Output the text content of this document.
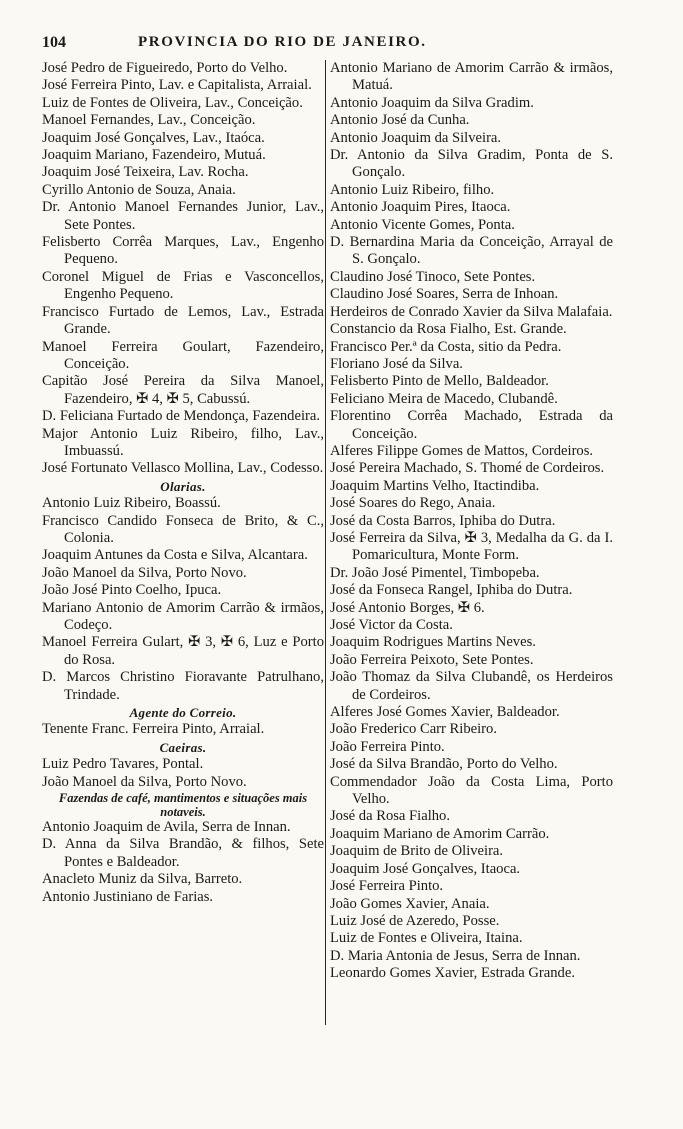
104	PROVINCIA DO RIO DE JANEIRO.
José Pedro de Figueiredo, Porto do Velho.
José Ferreira Pinto, Lav. e Capitalista, Arraial.
Luiz de Fontes de Oliveira, Lav., Conceição.
Manoel Fernandes, Lav., Conceição.
Joaquim José Gonçalves, Lav., Itaóca.
Joaquim Mariano, Fazendeiro, Mutuá.
Joaquim José Teixeira, Lav. Rocha.
Cyrillo Antonio de Souza, Anaia.
Dr. Antonio Manoel Fernandes Junior, Lav., Sete Pontes.
Felisberto Corrêa Marques, Lav., Engenho Pequeno.
Coronel Miguel de Frias e Vasconcellos, Engenho Pequeno.
Francisco Furtado de Lemos, Lav., Estrada Grande.
Manoel Ferreira Goulart, Fazendeiro, Conceição.
Capitão José Pereira da Silva Manoel, Fazendeiro, ✠ 4, ✠ 5, Cabussú.
D. Feliciana Furtado de Mendonça, Fazendeira.
Major Antonio Luiz Ribeiro, filho, Lav., Imbuassú.
José Fortunato Vellasco Mollina, Lav., Codesso.
Olarias.
Antonio Luiz Ribeiro, Boassú.
Francisco Candido Fonseca de Brito, & C., Colonia.
Joaquim Antunes da Costa e Silva, Alcantara.
João Manoel da Silva, Porto Novo.
João José Pinto Coelho, Ipuca.
Mariano Antonio de Amorim Carrão & irmãos, Codeço.
Manoel Ferreira Gulart, ✠ 3, ✠ 6, Luz e Porto do Rosa.
D. Marcos Christino Fioravante Patrulhano, Trindade.
Agente do Correio.
Tenente Franc. Ferreira Pinto, Arraial.
Caeiras.
Luiz Pedro Tavares, Pontal.
João Manoel da Silva, Porto Novo.
Fazendas de café, mantimentos e situações mais notaveis.
Antonio Joaquim de Avila, Serra de Innan.
D. Anna da Silva Brandão, & filhos, Sete Pontes e Baldeador.
Anacleto Muniz da Silva, Barreto.
Antonio Justiniano de Farias.
Antonio Mariano de Amorim Carrão & irmãos, Matuá.
Antonio Joaquim da Silva Gradim.
Antonio José da Cunha.
Antonio Joaquim da Silveira.
Dr. Antonio da Silva Gradim, Ponta de S. Gonçalo.
Antonio Luiz Ribeiro, filho.
Antonio Joaquim Pires, Itaoca.
Antonio Vicente Gomes, Ponta.
D. Bernardina Maria da Conceição, Arrayal de S. Gonçalo.
Claudino José Tinoco, Sete Pontes.
Claudino José Soares, Serra de Inhoan.
Herdeiros de Conrado Xavier da Silva Malafaia.
Constancio da Rosa Fialho, Est. Grande.
Francisco Per.ª da Costa, sitio da Pedra.
Floriano José da Silva.
Felisberto Pinto de Mello, Baldeador.
Feliciano Meira de Macedo, Clubandê.
Florentino Corrêa Machado, Estrada da Conceição.
Alferes Filippe Gomes de Mattos, Cordeiros.
José Pereira Machado, S. Thomé de Cordeiros.
Joaquim Martins Velho, Itactindiba.
José Soares do Rego, Anaia.
José da Costa Barros, Iphiba do Dutra.
José Ferreira da Silva, ✠ 3, Medalha da G. da I. Pomaricultura, Monte Form.
Dr. João José Pimentel, Timbopeba.
José da Fonseca Rangel, Iphiba do Dutra.
José Antonio Borges, ✠ 6.
José Victor da Costa.
Joaquim Rodrigues Martins Neves.
João Ferreira Peixoto, Sete Pontes.
João Thomaz da Silva Clubandê, os Herdeiros de Cordeiros.
Alferes José Gomes Xavier, Baldeador.
João Frederico Carr Ribeiro.
João Ferreira Pinto.
José da Silva Brandão, Porto do Velho.
Commendador João da Costa Lima, Porto Velho.
José da Rosa Fialho.
Joaquim Mariano de Amorim Carrão.
Joaquim de Brito de Oliveira.
Joaquim José Gonçalves, Itaoca.
José Ferreira Pinto.
João Gomes Xavier, Anaia.
Luiz José de Azeredo, Posse.
Luiz de Fontes e Oliveira, Itaina.
D. Maria Antonia de Jesus, Serra de Innan.
Leonardo Gomes Xavier, Estrada Grande.
